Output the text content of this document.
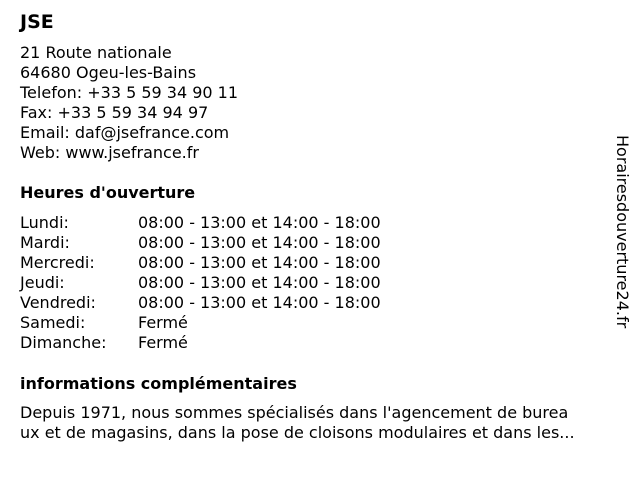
JSE
21 Route nationale
64680 Ogeu-les-Bains
Telefon: +33 5 59 34 90 11
Fax: +33 5 59 34 94 97
Email: daf@jsefrance.com
Web: www.jsefrance.fr
Heures d'ouverture
Lundi:	08:00 - 13:00 et 14:00 - 18:00
Mardi:	08:00 - 13:00 et 14:00 - 18:00
Mercredi:	08:00 - 13:00 et 14:00 - 18:00
Jeudi:	08:00 - 13:00 et 14:00 - 18:00
Vendredi:	08:00 - 13:00 et 14:00 - 18:00
Samedi:	Fermé
Dimanche:	Fermé
informations complémentaires
Depuis 1971, nous sommes spécialisés dans l'agencement de burea
ux et de magasins, dans la pose de cloisons modulaires et dans les...
Horairesdouverture24.fr
